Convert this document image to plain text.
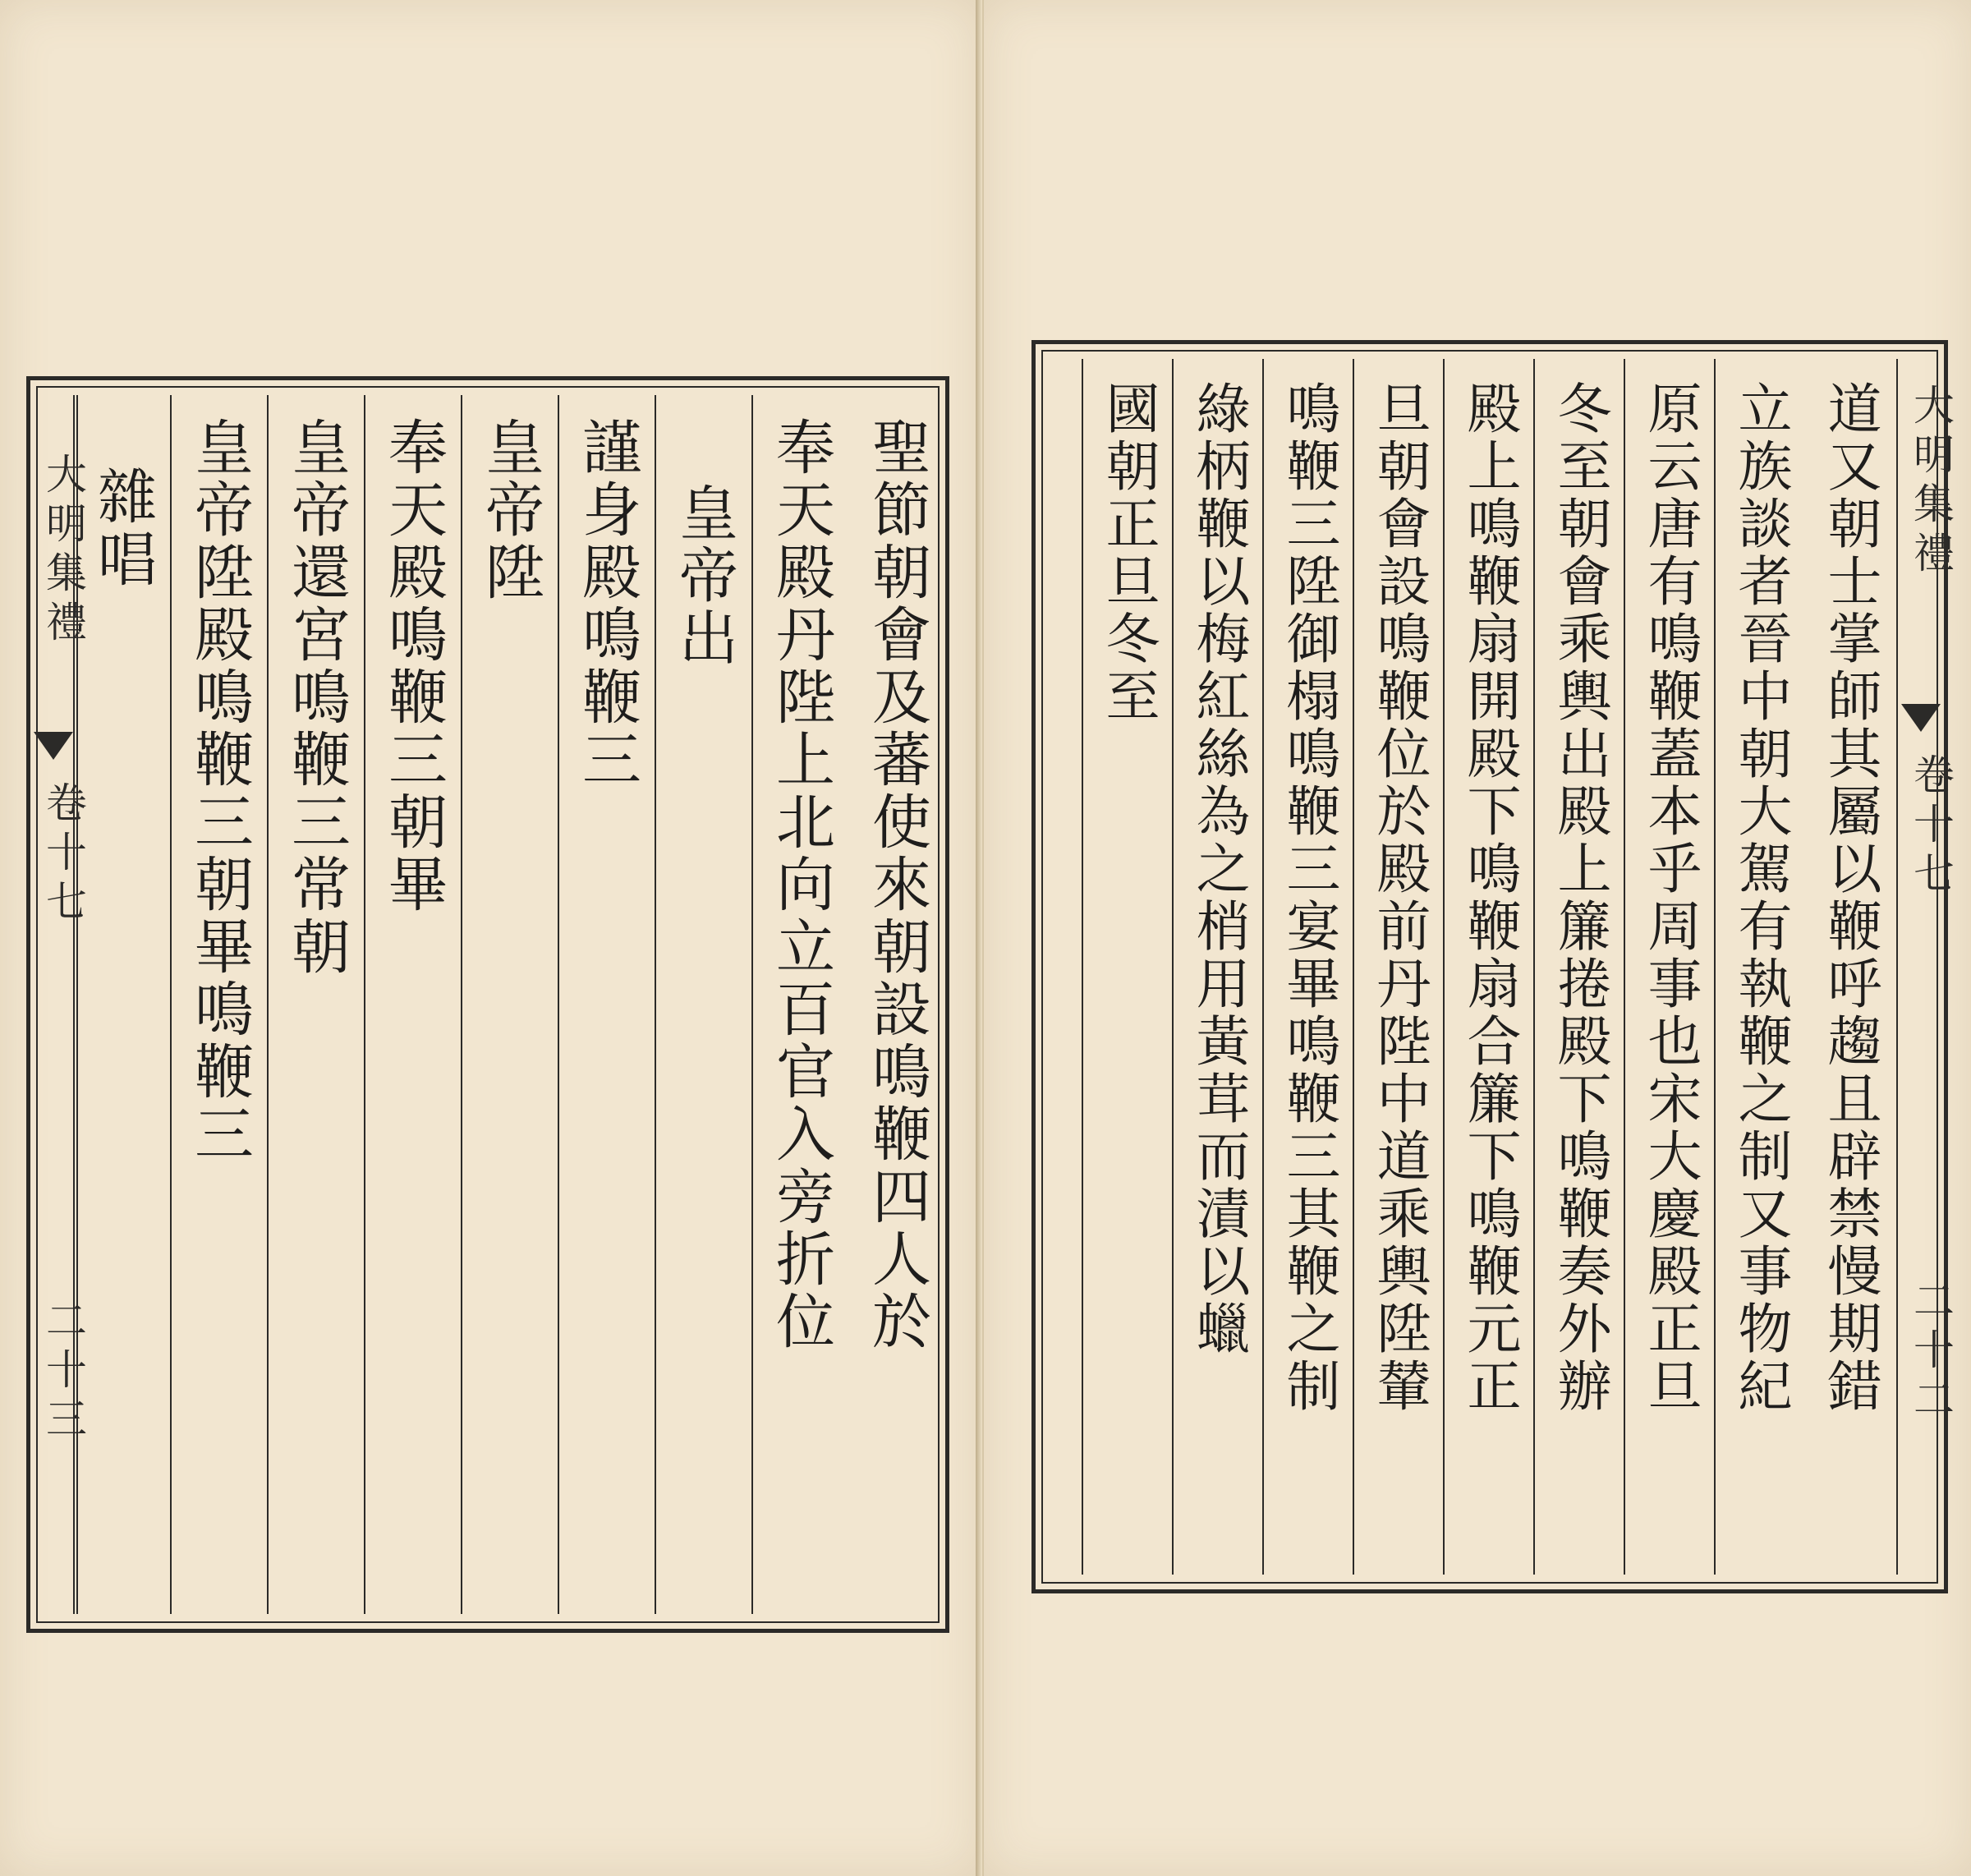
聖節朝會及蕃使來朝設鳴鞭四人於
奉天殿丹陛上北向立百官入旁折位
皇帝出
謹身殿鳴鞭三
皇帝陞
奉天殿鳴鞭三朝畢
皇帝還宮鳴鞭三常朝
皇帝陞殿鳴鞭三朝畢鳴鞭三
雜唱
大明集禮
卷十七
二十三	道又朝士掌師其屬以鞭呼趨且辟禁慢期錯
立族談者晉中朝大駕有執鞭之制又事物紀
原云唐有鳴鞭蓋本乎周事也宋大慶殿正旦
冬至朝會乘輿出殿上簾捲殿下鳴鞭奏外辦
殿上鳴鞭扇開殿下鳴鞭扇合簾下鳴鞭元正
旦朝會設鳴鞭位於殿前丹陛中道乘輿陞輦
鳴鞭三陞御榻鳴鞭三宴畢鳴鞭三其鞭之制
綠柄鞭以梅紅絲為之梢用黃茸而漬以蠟
國朝正旦冬至	大明集禮
卷十七
二十二
